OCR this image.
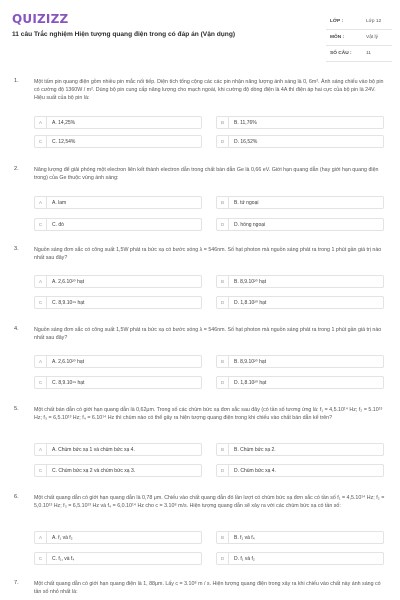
QUIZIZZ
11 câu Trắc nghiệm Hiện tượng quang điện trong có đáp án (Vận dụng)
LỚP :	Lớp 12
MÔN :	Vật lý
SỐ CÂU :	11
1.	Một tấm pin quang điện gồm nhiều pin mắc nối tiếp. Diện tích tổng cộng các các pin nhận năng lượng ánh sáng là 0, 6m². Ánh sáng chiếu vào bộ pin có cường độ 1360W / m². Dùng bộ pin cung cấp năng lượng cho mạch ngoài, khi cường độ dòng điện là 4A thì điện áp hai cực của bộ pin là 24V. Hiệu suất của bộ pin là:
A	A. 14,25%	B	B. 11,76%
C	C. 12,54%	D	D. 16,52%
2.	Năng lượng để giải phóng một electron liên kết thành electron dẫn trong chất bán dẫn Ge là 0,66 eV. Giới hạn quang dẫn (hay giới hạn quang điện trong) của Ge thuộc vùng ánh sáng:
A	A. lam	B	B. tử ngoại
C	C. đỏ	D	D. hồng ngoại
3.	Nguồn sáng đơn sắc có công suất 1,5W phát ra bức xạ có bước sóng λ = 546nm. Số hạt photon mà nguồn sáng phát ra trong 1 phút gần giá trị nào nhất sau đây?
A	A. 2,6.10²⁰ hạt	B	B. 8,9.10²⁰ hạt
C	C. 8,9.10¹⁹ hạt	D	D. 1,8.10²⁰ hạt
4.	Nguồn sáng đơn sắc có công suất 1,5W phát ra bức xạ có bước sóng λ = 546nm. Số hạt photon mà nguồn sáng phát ra trong 1 phút gần giá trị nào nhất sau đây?
A	A. 2,6.10²⁰ hạt	B	B. 8,9.10²⁰ hạt
C	C. 8,9.10¹⁹ hạt	D	D. 1,8.10²⁰ hạt
5.	Một chất bán dẫn có giới hạn quang dẫn là 0,62μm. Trong số các chùm bức xạ đơn sắc sau đây (có tần số tương ứng là: f₁ = 4,5.10¹⁴ Hz; f₂ = 5.10¹³ Hz; f₃ = 6,5.10¹³ Hz; f₄ = 6.10¹⁴ Hz thì chùm nào có thể gây ra hiện tượng quang điện trong khi chiếu vào chất bán dẫn kể trên?
A	A. Chùm bức xạ 1 và chùm bức xạ 4.	B	B. Chùm bức xạ 2.
C	C. Chùm bức xạ 2 và chùm bức xạ 3.	D	D. Chùm bức xạ 4.
6.	Một chất quang dẫn có giới hạn quang dẫn là 0,78 μm. Chiếu vào chất quang dẫn đó lần lượt có chùm bức xạ đơn sắc có tần số f₁ = 4,5.10¹⁴ Hz; f₂ = 5,0.10¹³ Hz; f₃ = 6,5.10¹³ Hz và f₄ = 6,0.10¹⁴ Hz cho c = 3.10⁸ m/s. Hiện tượng quang dẫn sẽ xảy ra với các chùm bức xạ có tần số:
A	A. f₁ và f₂	B	B. f₁ và f₄
C	C. f₁, và f₄	D	D. f₁ và f₂
7.	Một chất quang dẫn có giới hạn quang điện là 1, 88μm. Lấy c = 3.10⁸ m / s. Hiện tượng quang điện trong xảy ra khi chiếu vào chất này ánh sáng có tần số nhỏ nhất là:
